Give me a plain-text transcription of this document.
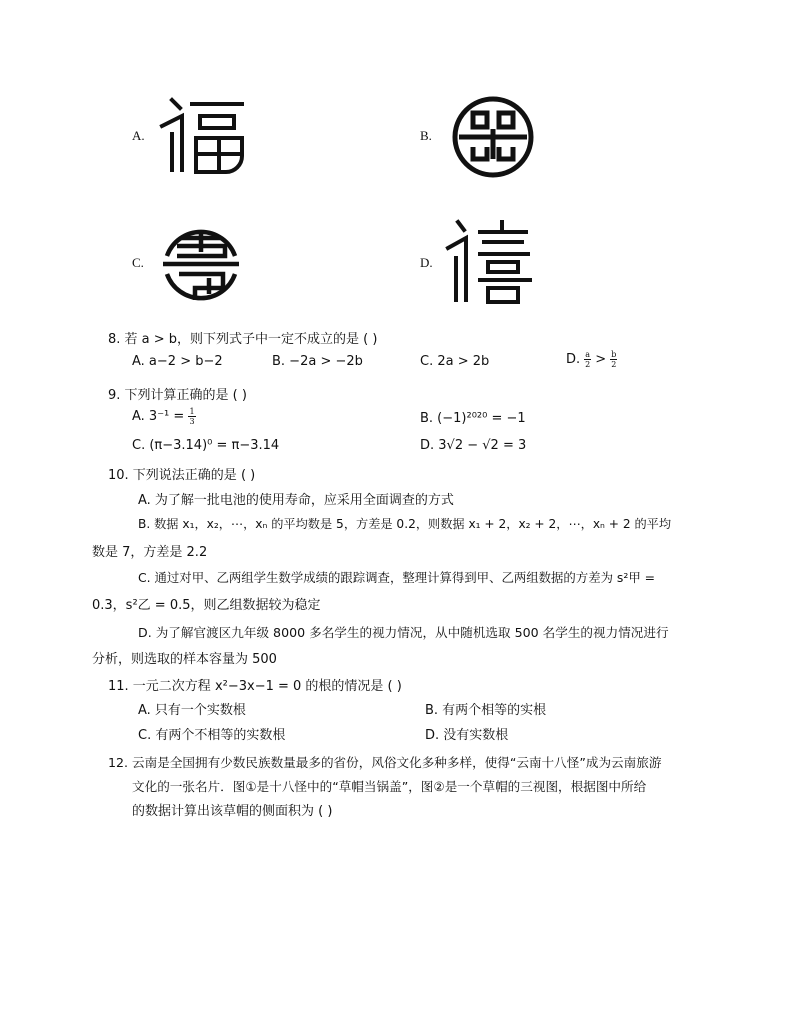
A.	B.
C.	D.
8. 若 a > b，则下列式子中一定不成立的是 ( )
A. a−2 > b−2	B. −2a > −2b	C. 2a > 2b	D. $\frac{a}{2} > \frac{b}{2}$
9. 下列计算正确的是 ( )
A. $3^{-1} = \frac{1}{3}$	B. (−1)²⁰²⁰ = −1
C. (π−3.14)⁰ = π−3.14	D. 3√2 − √2 = 3
10. 下列说法正确的是 ( )
A. 为了解一批电池的使用寿命，应采用全面调查的方式
B. 数据 x₁，x₂，⋯，xₙ 的平均数是 5，方差是 0.2，则数据 x₁ + 2，x₂ + 2，⋯，xₙ + 2 的平均
数是 7，方差是 2.2
C. 通过对甲、乙两组学生数学成绩的跟踪调查，整理计算得到甲、乙两组数据的方差为 s²甲 =
0.3，s²乙 = 0.5，则乙组数据较为稳定
D. 为了解官渡区九年级 8000 多名学生的视力情况，从中随机选取 500 名学生的视力情况进行
分析，则选取的样本容量为 500
11. 一元二次方程 x²−3x−1 = 0 的根的情况是 ( )
A. 只有一个实数根	B. 有两个相等的实根
C. 有两个不相等的实数根	D. 没有实数根
12. 云南是全国拥有少数民族数量最多的省份，风俗文化多种多样，使得“云南十八怪”成为云南旅游
文化的一张名片．图①是十八怪中的“草帽当锅盖”，图②是一个草帽的三视图，根据图中所给
的数据计算出该草帽的侧面积为 ( )
